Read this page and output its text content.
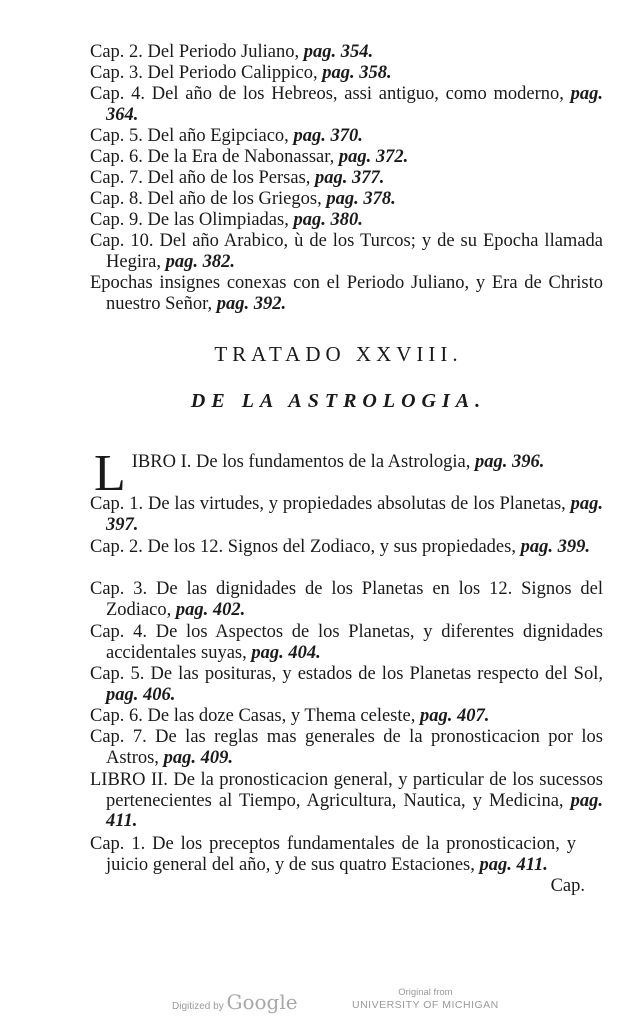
Cap. 2. Del Periodo Juliano, pag. 354.
Cap. 3. Del Periodo Calippico, pag. 358.
Cap. 4. Del año de los Hebreos, assi antiguo, como moderno, pag. 364.
Cap. 5. Del año Egipciaco, pag. 370.
Cap. 6. De la Era de Nabonassar, pag. 372.
Cap. 7. Del año de los Persas, pag. 377.
Cap. 8. Del año de los Griegos, pag. 378.
Cap. 9. De las Olimpiadas, pag. 380.
Cap. 10. Del año Arabico, ù de los Turcos; y de su Epocha llamada Hegira, pag. 382.
Epochas insignes conexas con el Periodo Juliano, y Era de Christo nuestro Señor, pag. 392.
TRATADO XXVIII.
DE LA ASTROLOGIA.
LIBRO I. De los fundamentos de la Astrologia, pag. 396.
Cap. 1. De las virtudes, y propiedades absolutas de los Planetas, pag. 397.
Cap. 2. De los 12. Signos del Zodiaco, y sus propiedades, pag. 399.
Cap. 3. De las dignidades de los Planetas en los 12. Signos del Zodiaco, pag. 402.
Cap. 4. De los Aspectos de los Planetas, y diferentes dignidades accidentales suyas, pag. 404.
Cap. 5. De las posituras, y estados de los Planetas respecto del Sol, pag. 406.
Cap. 6. De las doze Casas, y Thema celeste, pag. 407.
Cap. 7. De las reglas mas generales de la pronosticacion por los Astros, pag. 409.
LIBRO II. De la pronosticacion general, y particular de los sucessos pertenecientes al Tiempo, Agricultura, Nautica, y Medicina, pag. 411.
Cap. 1. De los preceptos fundamentales de la pronosticacion, y juicio general del año, y de sus quatro Estaciones, pag. 411.
Cap.
Digitized by Google	Original from
UNIVERSITY OF MICHIGAN
